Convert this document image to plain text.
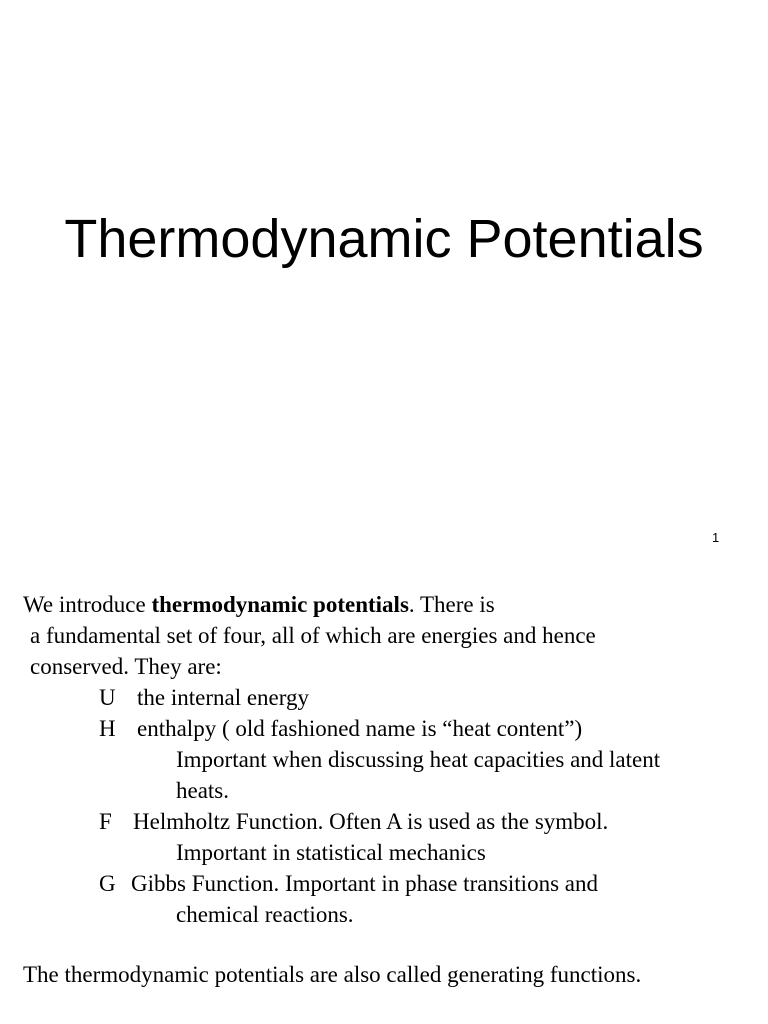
Thermodynamic Potentials
1
We introduce thermodynamic potentials. There is
a fundamental set of four, all of which are energies and hence
conserved. They are:
U the internal energy
H enthalpy ( old fashioned name is “heat content”)
Important when discussing heat capacities and latent
heats.
F Helmholtz Function. Often A is used as the symbol.
Important in statistical mechanics
G Gibbs Function. Important in phase transitions and
chemical reactions.
The thermodynamic potentials are also called generating functions.
